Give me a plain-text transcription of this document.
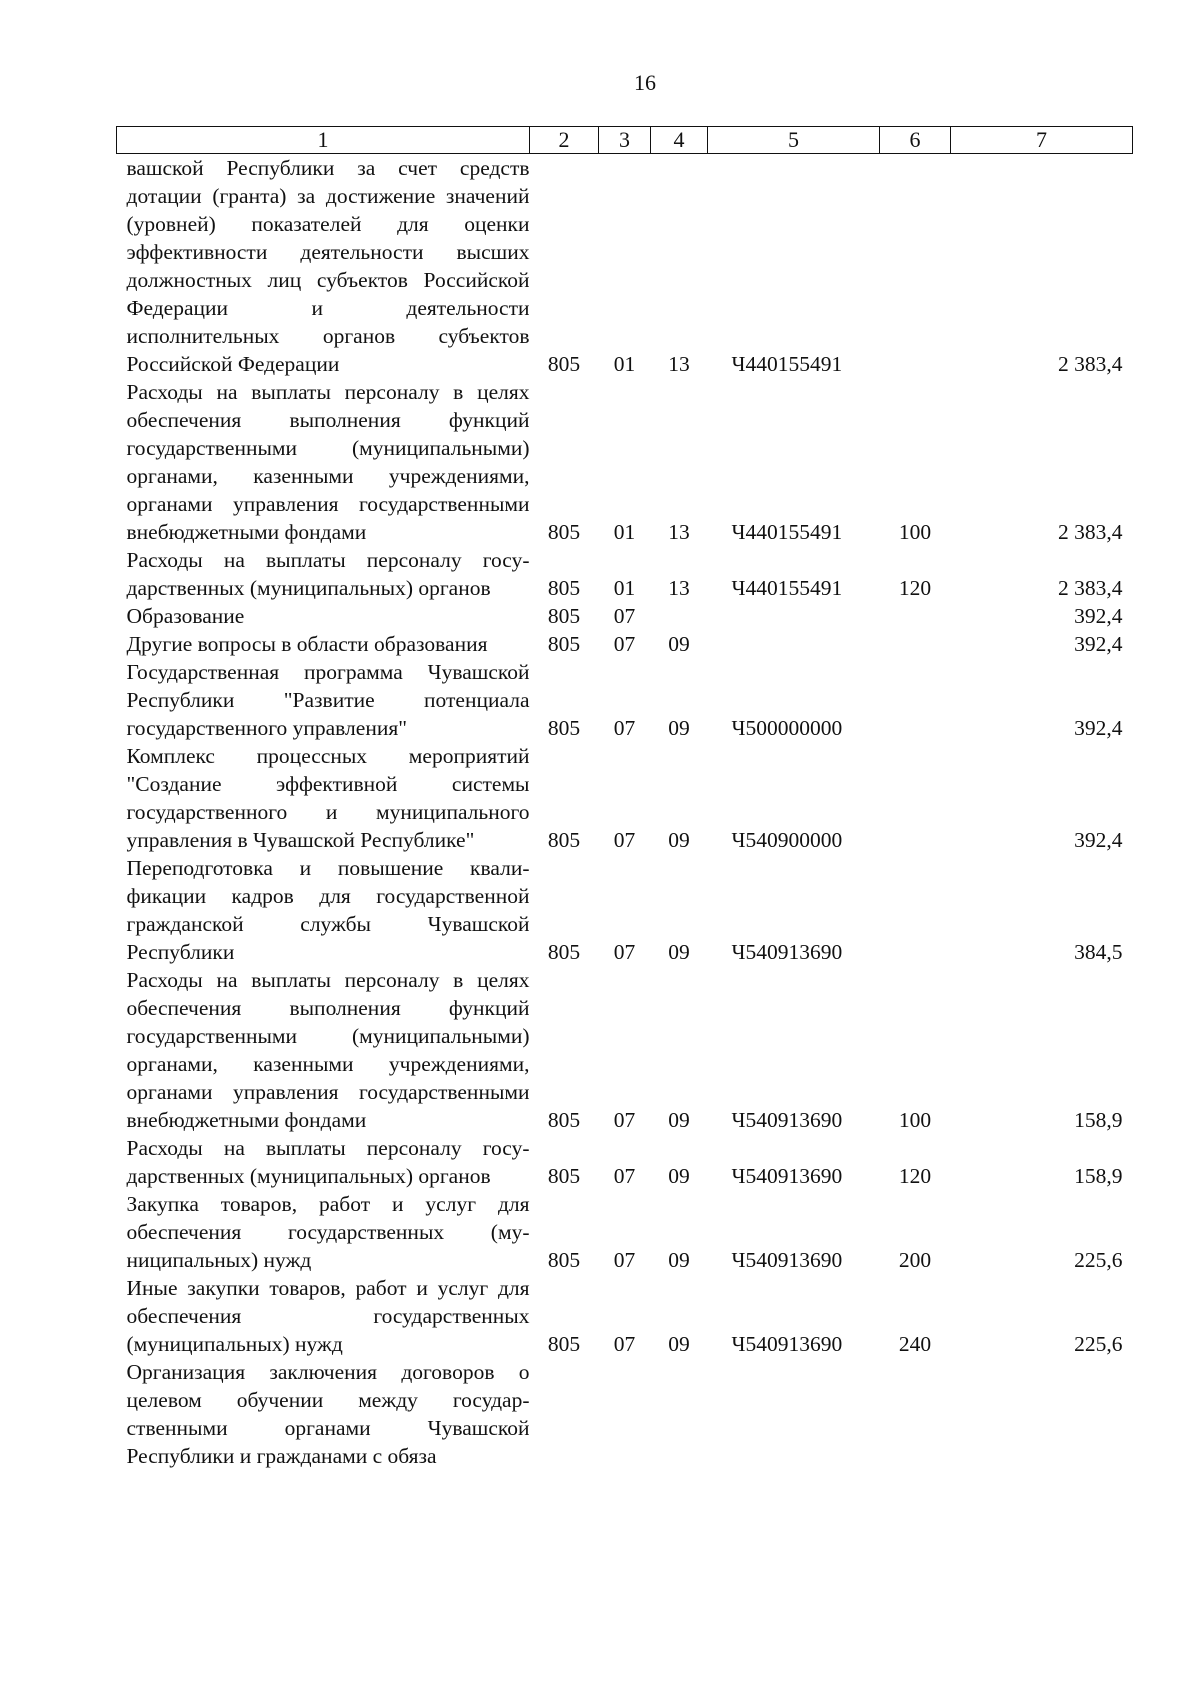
16
1	2	3	4	5	6	7
вашской Республики за счет средств дотации (гранта) за достижение значений (уровней) показателей для оценки эффективности деятельности высших должностных лиц субъектов Российской Федерации и деятельности исполнительных органов субъектов Российской Федерации	805	01	13	Ч440155491		2 383,4
Расходы на выплаты персоналу в целях обеспечения выполнения функций государственными (муниципальными) органами, казенными учреждениями, органами управления государственными внебюджетными фондами	805	01	13	Ч440155491	100	2 383,4
Расходы на выплаты персоналу государственных (муниципальных) органов	805	01	13	Ч440155491	120	2 383,4
Образование	805	07				392,4
Другие вопросы в области образования	805	07	09			392,4
Государственная программа Чувашской Республики "Развитие потенциала государственного управления"	805	07	09	Ч500000000		392,4
Комплекс процессных мероприятий "Создание эффективной системы государственного и муниципального управления в Чувашской Республике"	805	07	09	Ч540900000		392,4
Переподготовка и повышение квалификации кадров для государственной гражданской службы Чувашской Республики	805	07	09	Ч540913690		384,5
Расходы на выплаты персоналу в целях обеспечения выполнения функций государственными (муниципальными) органами, казенными учреждениями, органами управления государственными внебюджетными фондами	805	07	09	Ч540913690	100	158,9
Расходы на выплаты персоналу государственных (муниципальных) органов	805	07	09	Ч540913690	120	158,9
Закупка товаров, работ и услуг для обеспечения государственных (муниципальных) нужд	805	07	09	Ч540913690	200	225,6
Иные закупки товаров, работ и услуг для обеспечения государственных (муниципальных) нужд	805	07	09	Ч540913690	240	225,6
Организация заключения договоров о целевом обучении между государственными органами Чувашской Республики и гражданами с обяза						
